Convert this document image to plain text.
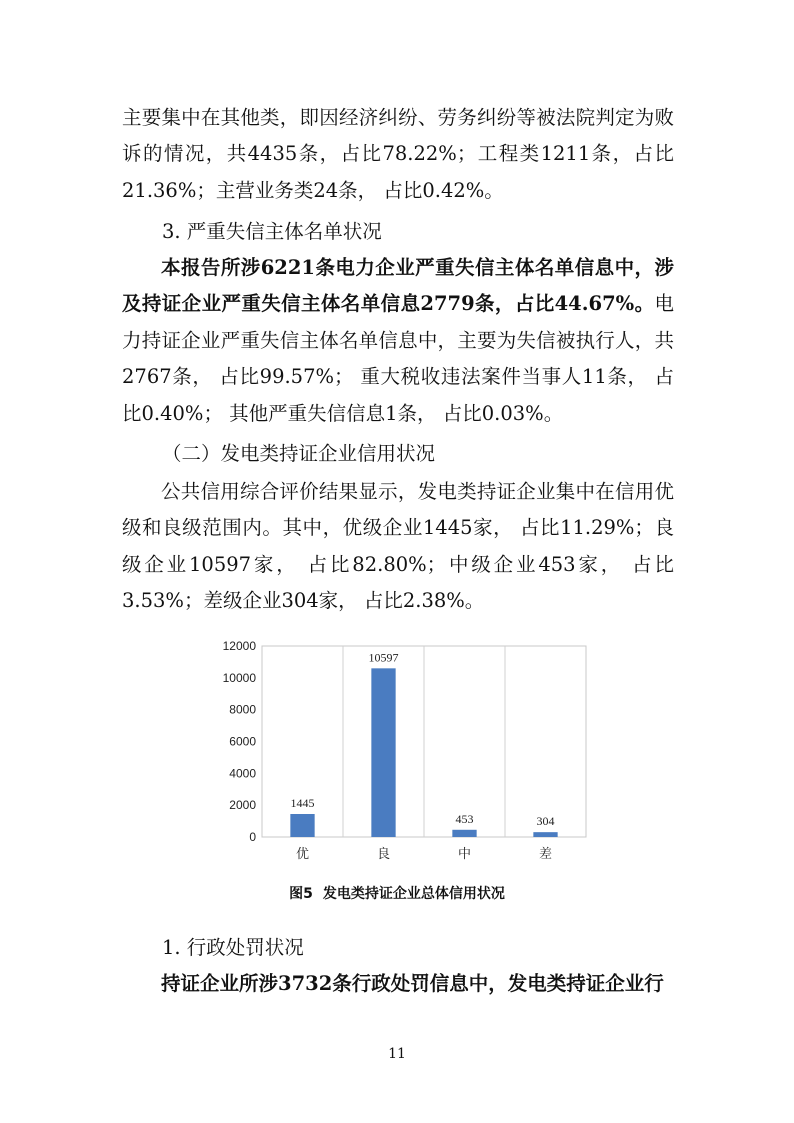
主要集中在其他类，即因经济纠纷、劳务纠纷等被法院判定为败诉的情况，共4435条，占比78.22%；工程类1211条，占比21.36%；主营业务类24条， 占比0.42%。

3. 严重失信主体名单状况

本报告所涉6221条电力企业严重失信主体名单信息中，涉及持证企业严重失信主体名单信息2779条，占比44.67%。电力持证企业严重失信主体名单信息中，主要为失信被执行人，共2767条， 占比99.57%； 重大税收违法案件当事人11条， 占比0.40%； 其他严重失信信息1条， 占比0.03%。

（二）发电类持证企业信用状况

公共信用综合评价结果显示，发电类持证企业集中在信用优级和良级范围内。其中，优级企业1445家， 占比11.29%；良级企业10597家， 占比82.80%；中级企业453家， 占比3.53%；差级企业304家， 占比2.38%。

0
2000
4000
6000
8000
10000
12000
1445
优
10597
良
453
中
304
差
图5 发电类持证企业总体信用状况

1. 行政处罚状况

持证企业所涉3732条行政处罚信息中，发电类持证企业行

11
